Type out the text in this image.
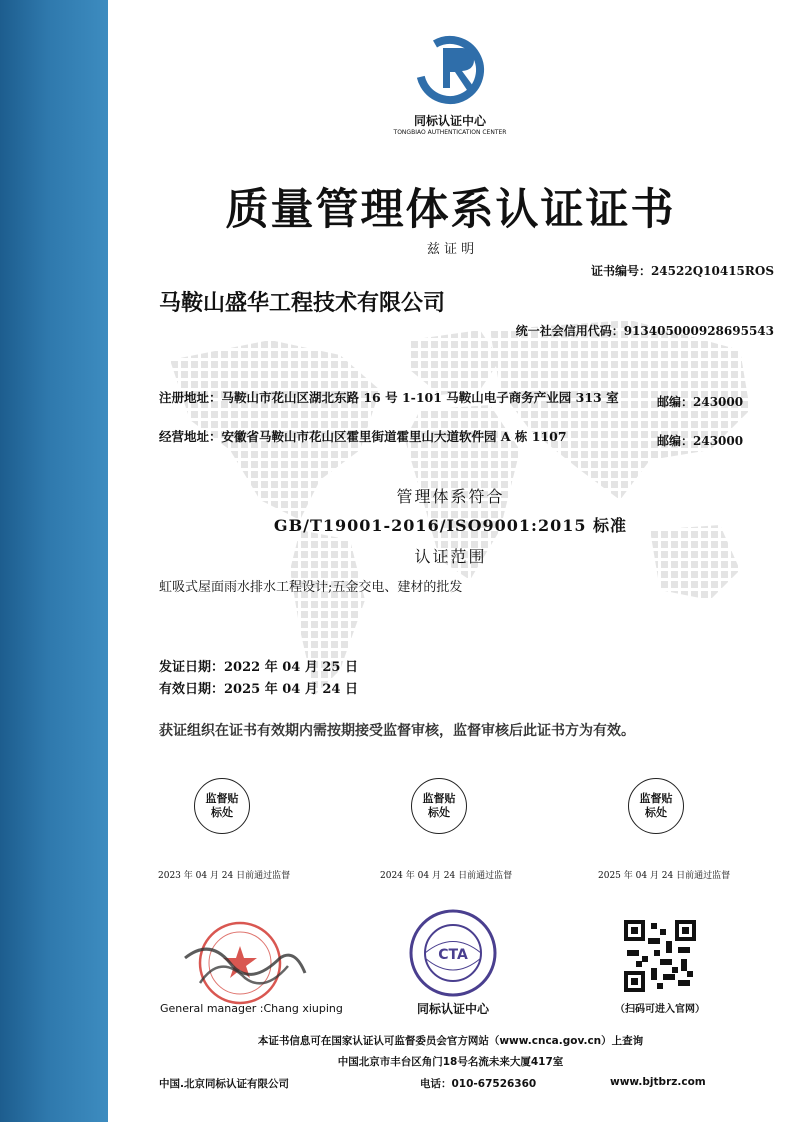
同标认证中心
TONGBIAO AUTHENTICATION CENTER
质量管理体系认证证书
兹 证 明
证书编号：24522Q10415ROS
马鞍山盛华工程技术有限公司
统一社会信用代码：913405000928695543
注册地址：马鞍山市花山区湖北东路 16 号 1-101 马鞍山电子商务产业园 313 室	邮编：243000
经营地址：安徽省马鞍山市花山区霍里街道霍里山大道软件园 A 栋 1107	邮编：243000
管理体系符合
GB/T19001-2016/ISO9001:2015 标准
认证范围
虹吸式屋面雨水排水工程设计;五金交电、建材的批发
发证日期：2022 年 04 月 25 日
有效日期：2025 年 04 月 24 日
获证组织在证书有效期内需按期接受监督审核，监督审核后此证书方为有效。
监督贴
标处
2023 年 04 月 24 日前通过监督
监督贴
标处
2024 年 04 月 24 日前通过监督
监督贴
标处
2025 年 04 月 24 日前通过监督
General manager :Chang xiuping
CTA
同标认证中心	（扫码可进入官网）
本证书信息可在国家认证认可监督委员会官方网站（www.cnca.gov.cn）上查询
中国北京市丰台区角门18号名流未来大厦417室
中国.北京同标认证有限公司	电话：010-67526360	www.bjtbrz.com
